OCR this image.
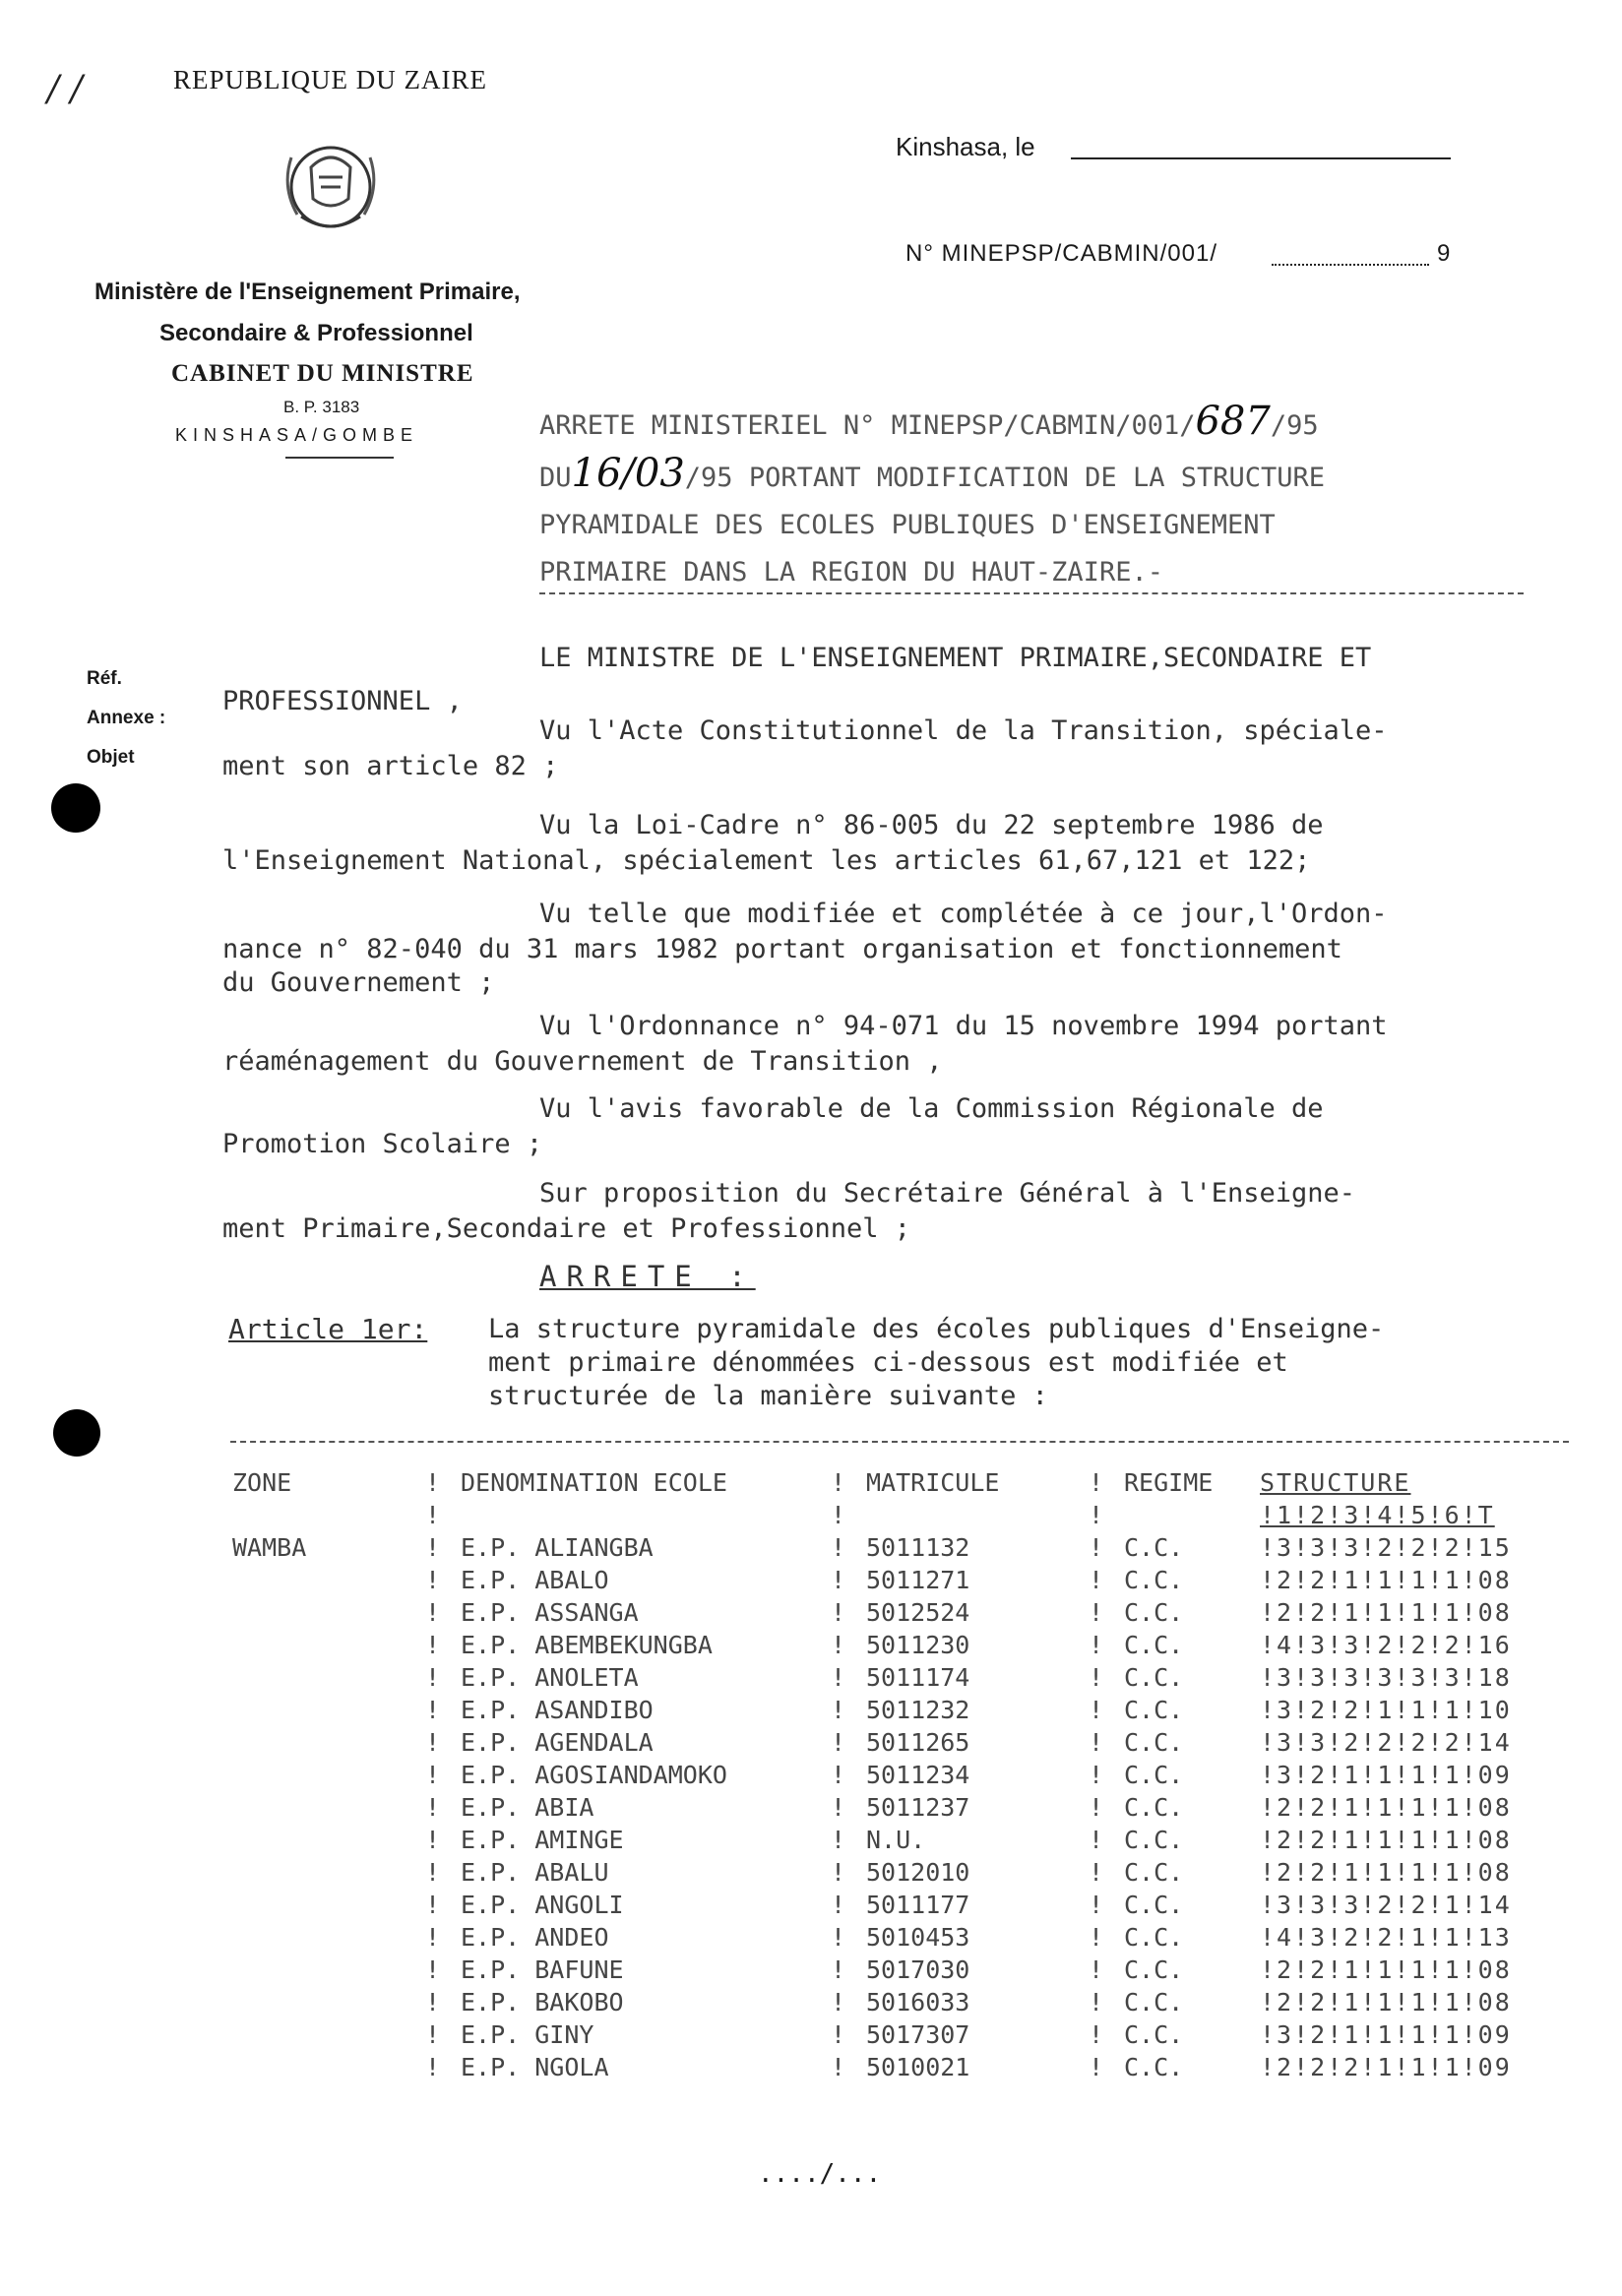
/ /	REPUBLIQUE DU ZAIRE
Ministère de l'Enseignement Primaire,
Secondaire & Professionnel
CABINET DU MINISTRE
B. P. 3183
KINSHASA/GOMBE
Kinshasa, le
N° MINEPSP/CABMIN/001/	9
Réf.
Annexe :
Objet
ARRETE MINISTERIEL N° MINEPSP/CABMIN/001/687/95
DU16/03/95 PORTANT MODIFICATION DE LA STRUCTURE
PYRAMIDALE DES ECOLES PUBLIQUES D'ENSEIGNEMENT
PRIMAIRE DANS LA REGION DU HAUT-ZAIRE.-
LE MINISTRE DE L'ENSEIGNEMENT PRIMAIRE,SECONDAIRE ET
PROFESSIONNEL ,
Vu l'Acte Constitutionnel de la Transition, spéciale-
ment son article 82 ;
Vu la Loi-Cadre n° 86-005 du 22 septembre 1986 de
l'Enseignement National, spécialement les articles 61,67,121 et 122;
Vu telle que modifiée et complétée à ce jour,l'Ordon-
nance n° 82-040 du 31 mars 1982 portant organisation et fonctionnement
du Gouvernement ;
Vu l'Ordonnance n° 94-071 du 15 novembre 1994 portant
réaménagement du Gouvernement de Transition ,
Vu l'avis favorable de la Commission Régionale de
Promotion Scolaire ;
Sur proposition du Secrétaire Général à l'Enseigne-
ment Primaire,Secondaire et Professionnel ;
ARRETE :
Article 1er: La structure pyramidale des écoles publiques d'Enseigne-
ment primaire dénommées ci-dessous est modifiée et
structurée de la manière suivante :
ZONE	!	DENOMINATION ECOLE	!	MATRICULE	!	REGIME	STRUCTURE
	!		!		!		!1!2!3!4!5!6!T
WAMBA	!	E.P. ALIANGBA	!	5011132	!	C.C.	!3!3!3!2!2!2!15
	!	E.P. ABALO	!	5011271	!	C.C.	!2!2!1!1!1!1!08
	!	E.P. ASSANGA	!	5012524	!	C.C.	!2!2!1!1!1!1!08
	!	E.P. ABEMBEKUNGBA	!	5011230	!	C.C.	!4!3!3!2!2!2!16
	!	E.P. ANOLETA	!	5011174	!	C.C.	!3!3!3!3!3!3!18
	!	E.P. ASANDIBO	!	5011232	!	C.C.	!3!2!2!1!1!1!10
	!	E.P. AGENDALA	!	5011265	!	C.C.	!3!3!2!2!2!2!14
	!	E.P. AGOSIANDAMOKO	!	5011234	!	C.C.	!3!2!1!1!1!1!09
	!	E.P. ABIA	!	5011237	!	C.C.	!2!2!1!1!1!1!08
	!	E.P. AMINGE	!	N.U.	!	C.C.	!2!2!1!1!1!1!08
	!	E.P. ABALU	!	5012010	!	C.C.	!2!2!1!1!1!1!08
	!	E.P. ANGOLI	!	5011177	!	C.C.	!3!3!3!2!2!1!14
	!	E.P. ANDEO	!	5010453	!	C.C.	!4!3!2!2!1!1!13
	!	E.P. BAFUNE	!	5017030	!	C.C.	!2!2!1!1!1!1!08
	!	E.P. BAKOBO	!	5016033	!	C.C.	!2!2!1!1!1!1!08
	!	E.P. GINY	!	5017307	!	C.C.	!3!2!1!1!1!1!09
	!	E.P. NGOLA	!	5010021	!	C.C.	!2!2!2!1!1!1!09
..../...
